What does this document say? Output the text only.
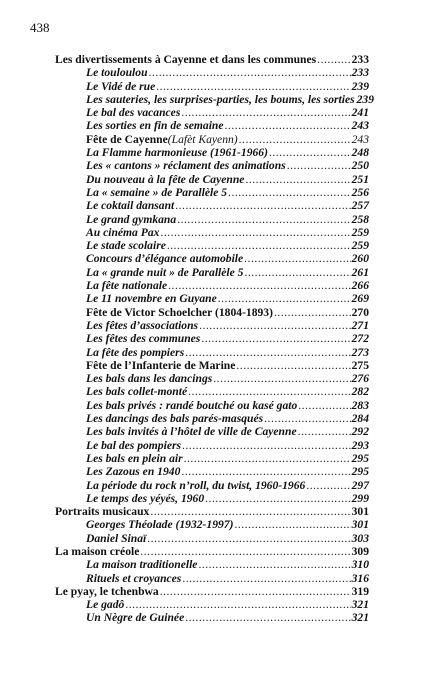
438
Les divertissements à Cayenne et dans les communes .....	233
Le touloulou .....	233
Le Vidé de rue .....	239
Les sauteries, les surprises-parties, les boums, les sorties 239
Le bal des vacances .....	241
Les sorties en fin de semaine .....	243
Fête de Cayenne (Lafèt Kayenn) .....	243
La Flamme harmonieuse (1961-1966) .....	248
Les « cantons » réclament des animations .....	250
Du nouveau à la fête de Cayenne .....	251
La « semaine » de Parallèle 5 .....	256
Le coktail dansant .....	257
Le grand gymkana .....	258
Au cinéma Pax .....	259
Le stade scolaire .....	259
Concours d’élégance automobile .....	260
La « grande nuit » de Parallèle 5 .....	261
La fête nationale .....	266
Le 11 novembre en Guyane .....	269
Fête de Victor Schoelcher (1804-1893) .....	270
Les fêtes d’associations .....	271
Les fêtes des communes .....	272
La fête des pompiers .....	273
Fête de l’Infanterie de Marine .....	275
Les bals dans les dancings .....	276
Les bals collet-monté .....	282
Les bals privés : randé boutché ou kasé gato .....	283
Les dancings des bals parés-masqués .....	284
Les bals invités à l’hôtel de ville de Cayenne .....	292
Le bal des pompiers .....	293
Les bals en plein air .....	295
Les Zazous en 1940 .....	295
La période du rock n’roll, du twist, 1960-1966 .....	297
Le temps des yéyés, 1960 .....	299
Portraits musicaux .....	301
Georges Théolade (1932-1997) .....	301
Daniel Sinaï .....	303
La maison créole .....	309
La maison traditionelle .....	310
Rituels et croyances .....	316
Le pyay, le tchenbwa .....	319
Le gadô .....	321
Un Nègre de Guinée .....	321
